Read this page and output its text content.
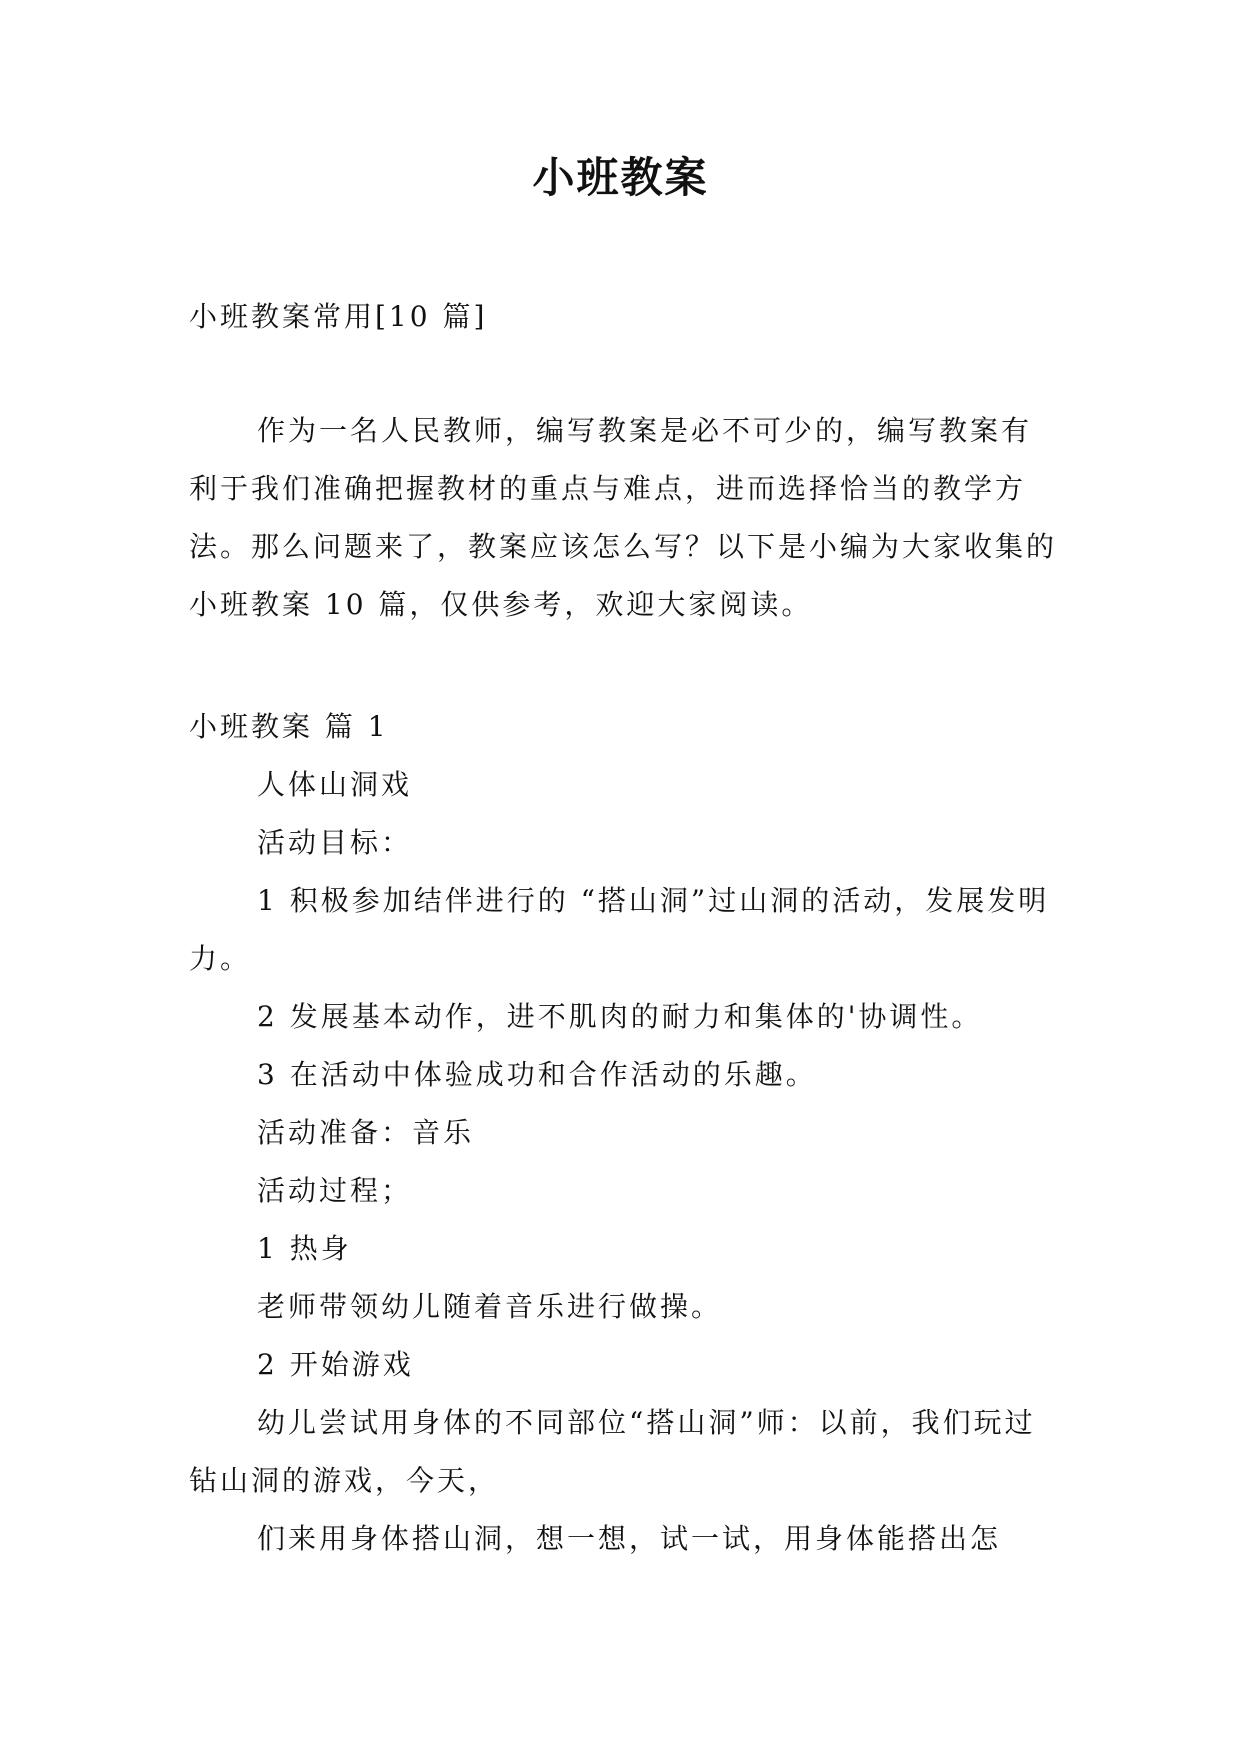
小班教案

小班教案常用[10 篇]

作为一名人民教师，编写教案是必不可少的，编写教案有利于我们准确把握教材的重点与难点，进而选择恰当的教学方法。那么问题来了，教案应该怎么写？以下是小编为大家收集的小班教案 10 篇，仅供参考，欢迎大家阅读。

小班教案 篇 1

人体山洞戏

活动目标：

1 积极参加结伴进行的 “搭山洞”过山洞的活动，发展发明力。

2 发展基本动作，进不肌肉的耐力和集体的'协调性。

3 在活动中体验成功和合作活动的乐趣。

活动准备：音乐

活动过程；

1 热身

老师带领幼儿随着音乐进行做操。

2 开始游戏

幼儿尝试用身体的不同部位“搭山洞”师：以前，我们玩过钻山洞的游戏，今天，

们来用身体搭山洞，想一想，试一试，用身体能搭出怎
